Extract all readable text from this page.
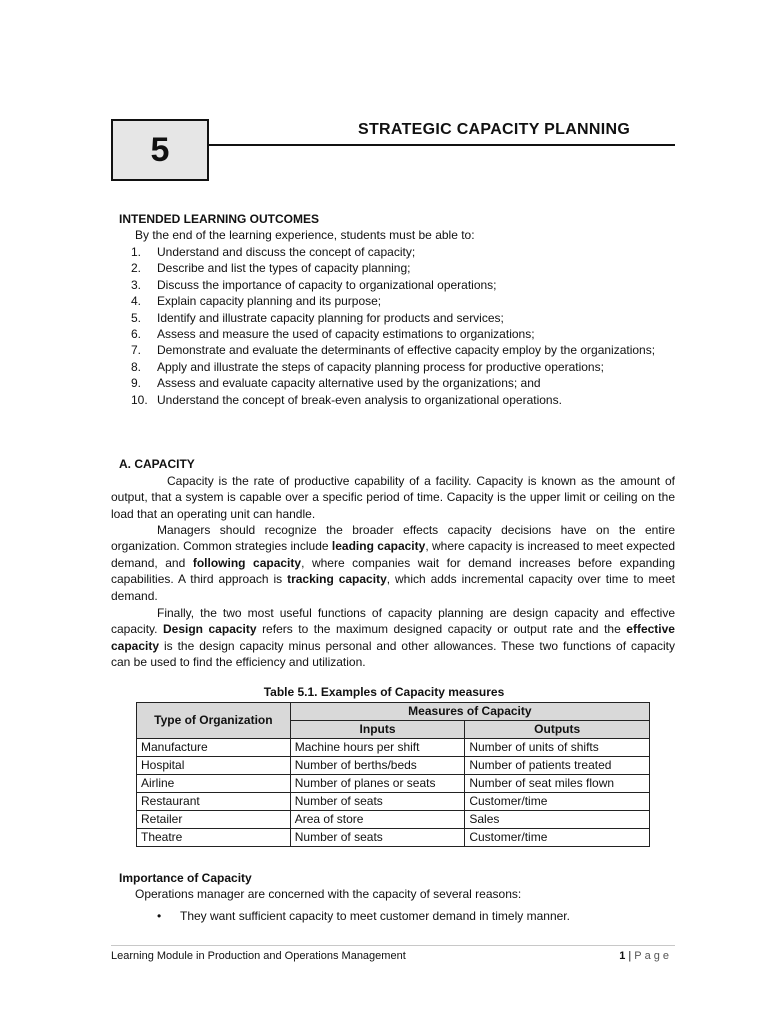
5
STRATEGIC CAPACITY PLANNING
INTENDED LEARNING OUTCOMES
By the end of the learning experience, students must be able to:
1. Understand and discuss the concept of capacity;
2. Describe and list the types of capacity planning;
3. Discuss the importance of capacity to organizational operations;
4. Explain capacity planning and its purpose;
5. Identify and illustrate capacity planning for products and services;
6. Assess and measure the used of capacity estimations to organizations;
7. Demonstrate and evaluate the determinants of effective capacity employ by the organizations;
8. Apply and illustrate the steps of capacity planning process for productive operations;
9. Assess and evaluate capacity alternative used by the organizations; and
10. Understand the concept of break-even analysis to organizational operations.
A. CAPACITY

Capacity is the rate of productive capability of a facility. Capacity is known as the amount of output, that a system is capable over a specific period of time. Capacity is the upper limit or ceiling on the load that an operating unit can handle.

Managers should recognize the broader effects capacity decisions have on the entire organization. Common strategies include leading capacity, where capacity is increased to meet expected demand, and following capacity, where companies wait for demand increases before expanding capabilities. A third approach is tracking capacity, which adds incremental capacity over time to meet demand.

Finally, the two most useful functions of capacity planning are design capacity and effective capacity. Design capacity refers to the maximum designed capacity or output rate and the effective capacity is the design capacity minus personal and other allowances. These two functions of capacity can be used to find the efficiency and utilization.

Table 5.1. Examples of Capacity measures
Type of Organization	Measures of Capacity	
	Inputs	Outputs
Manufacture	Machine hours per shift	Number of units of shifts
Hospital	Number of berths/beds	Number of patients treated
Airline	Number of planes or seats	Number of seat miles flown
Restaurant	Number of seats	Customer/time
Retailer	Area of store	Sales
Theatre	Number of seats	Customer/time
Importance of Capacity
Operations manager are concerned with the capacity of several reasons:
• They want sufficient capacity to meet customer demand in timely manner.
Learning Module in Production and Operations Management	1 | Page
